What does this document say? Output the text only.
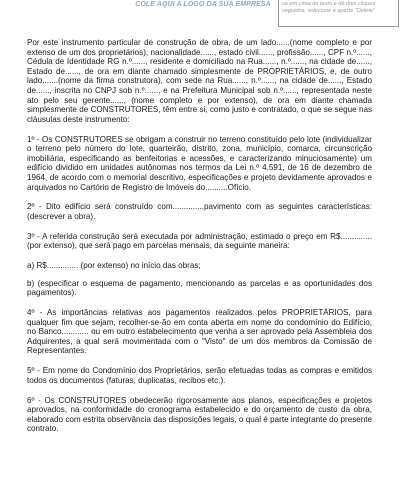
COLE AQUI A LOGO DA SUA EMPRESA	se em cima do texto e dê dois cliques seguidos, selecione e aperte "Delete"

Por este instrumento particular de construção de obra, de um lado......(nome completo e por extenso de um dos proprietários), nacionalidade......, estado civil......, profissão......, CPF n.º......, Cédula de Identidade RG n.º......, residente e domiciliado na Rua......, n.º......, na cidade de......, Estado de......, de ora em diante chamado simplesmente de PROPRIETÁRIOS, e, de outro lado,......(nome da firma construtora), com sede na Rua......, n.º......, na cidade de......, Estado de......, inscrita no CNPJ sob n.º......, e na Prefeitura Municipal sob n.º......, representada neste ato pelo seu gerente......, (nome completo e por extenso), de ora em diante chamada simplesmente de CONSTRUTORES, têm entre si, como justo e contratado, o que se segue nas cláusulas deste instrumento:

1º - Os CONSTRUTORES se obrigam a construir no terreno constituído pelo lote (individualizar o terreno pelo número do lote, quarteirão, distrito, zona, município, comarca, circunscrição imobiliária, especificando as benfeitorias e acessões, e caracterizando minuciosamente) um edifício dividido em unidades autônomas nos termos da Lei n.º 4.591, de 16 de dezembro de 1964, de acordo com o memorial descritivo, especificações e projeto devidamente aprovados e arquivados no Cartório de Registro de Imóveis do..........Ofício.

2º - Dito edifício será construído com..............pavimento com as seguintes características: (descrever a obra).

3º - A referida construção será executada por administração, estimado o preço em R$..............(por extenso), que será pago em parcelas mensais, da seguinte maneira:

a) R$.............. (por extenso) no início das obras;

b) (especificar o esquema de pagamento, mencionando as parcelas e as oportunidades dos pagamentos).

4º - As importâncias relativas aos pagamentos realizados pelos PROPRIETÁRIOS, para qualquer fim que sejam, recolher-se-ão em conta aberta em nome do condomínio do Edifício, no Banco............ ou em outro estabelecimento que venha a ser aprovado pela Assembleia dos Adquirentes, a qual será movimentada com o "Visto" de um dos membros da Comissão de Representantes.

5º - Em nome do Condomínio dos Proprietários, serão efetuadas todas as compras e emitidos todos os documentos (faturas, duplicatas, recibos etc.).

6º - Os CONSTRUTORES obedecerão rigorosamente aos planos, especificações e projetos aprovados, na conformidade do cronograma estabelecido e do orçamento de custo da obra, elaborado com estrita observância das disposições legais, o qual é parte integrante do presente contrato.
